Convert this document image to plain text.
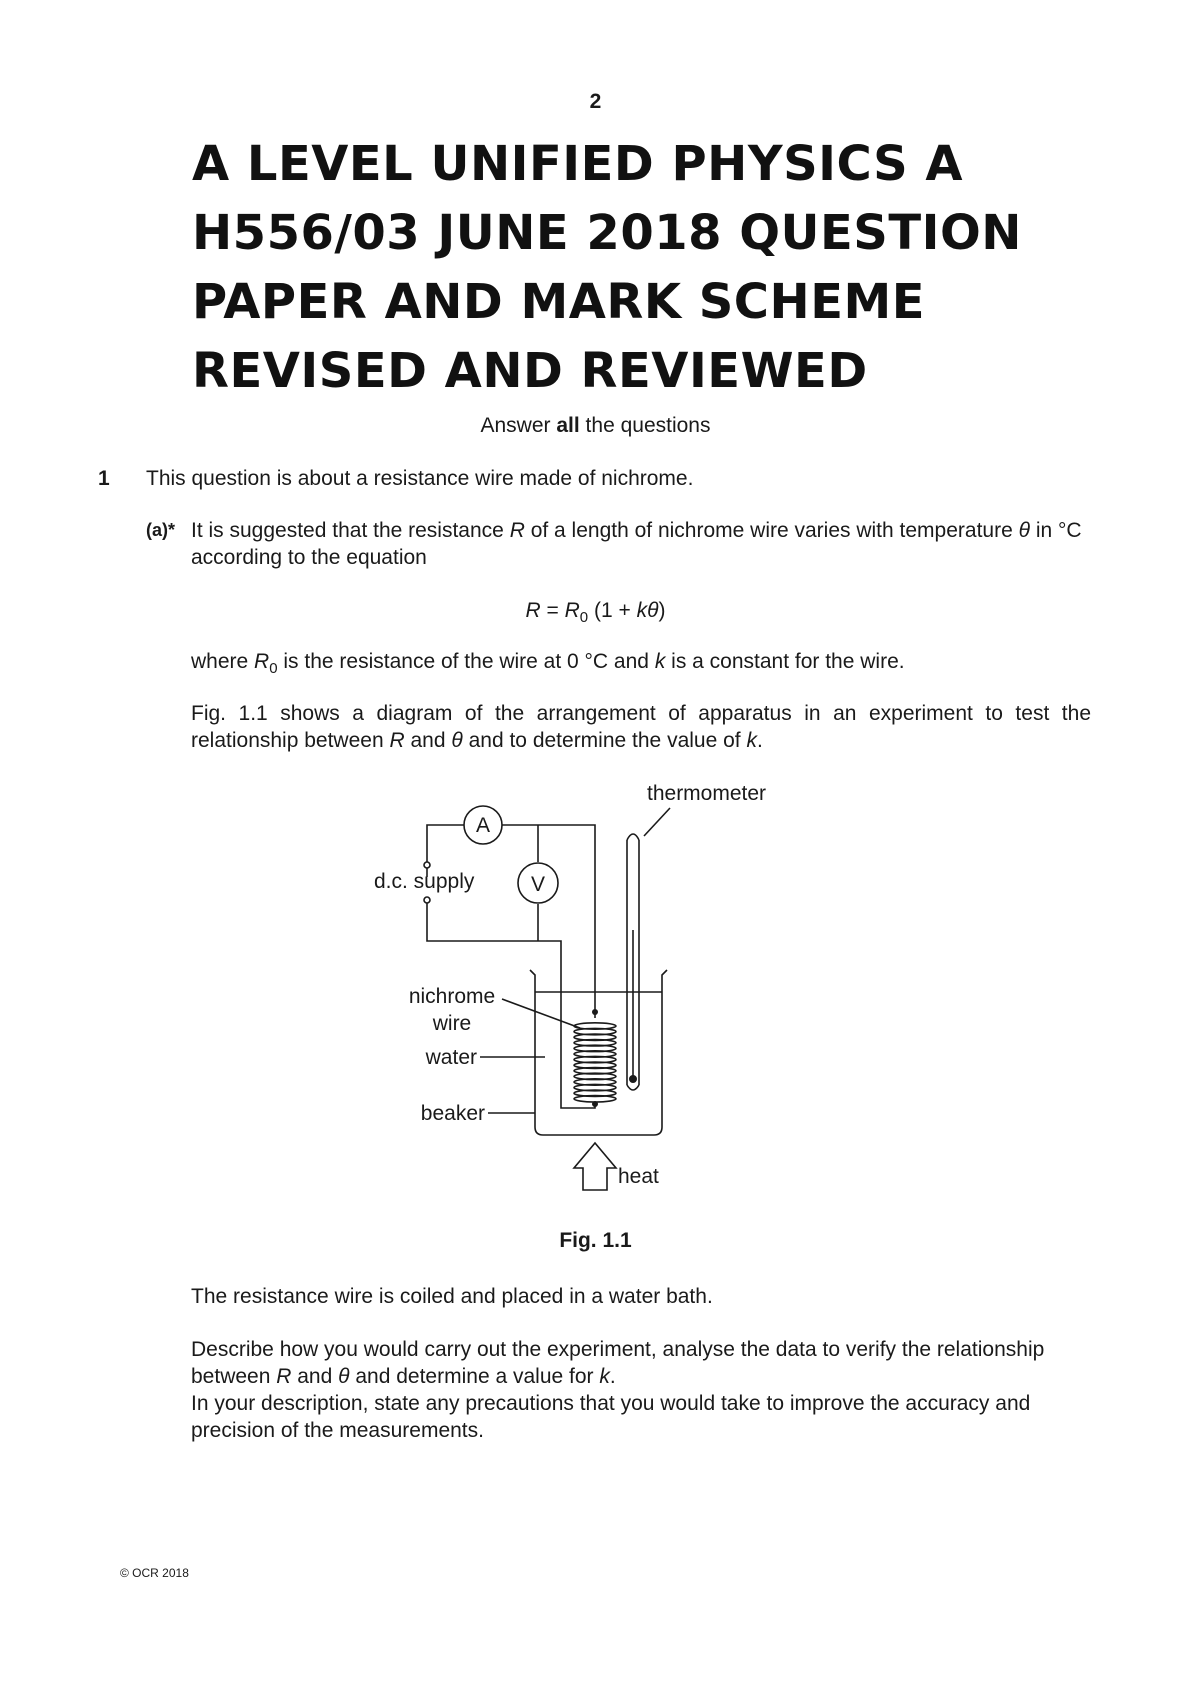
2
A LEVEL UNIFIED PHYSICS A
H556/03 JUNE 2018 QUESTION
PAPER AND MARK SCHEME
REVISED AND REVIEWED
Answer all the questions
1 This question is about a resistance wire made of nichrome.
(a)* It is suggested that the resistance R of a length of nichrome wire varies with temperature θ in °C according to the equation
$R = R_0$ (1 + kθ)
where $R_0$ is the resistance of the wire at 0 °C and k is a constant for the wire.
Fig. 1.1 shows a diagram of the arrangement of apparatus in an experiment to test the relationship between R and θ and to determine the value of k.
thermometer
A
V
d.c. supply
nichrome
wire
water
beaker
heat
Fig. 1.1
The resistance wire is coiled and placed in a water bath.
Describe how you would carry out the experiment, analyse the data to verify the relationship between R and θ and determine a value for k.
In your description, state any precautions that you would take to improve the accuracy and precision of the measurements.
© OCR 2018
